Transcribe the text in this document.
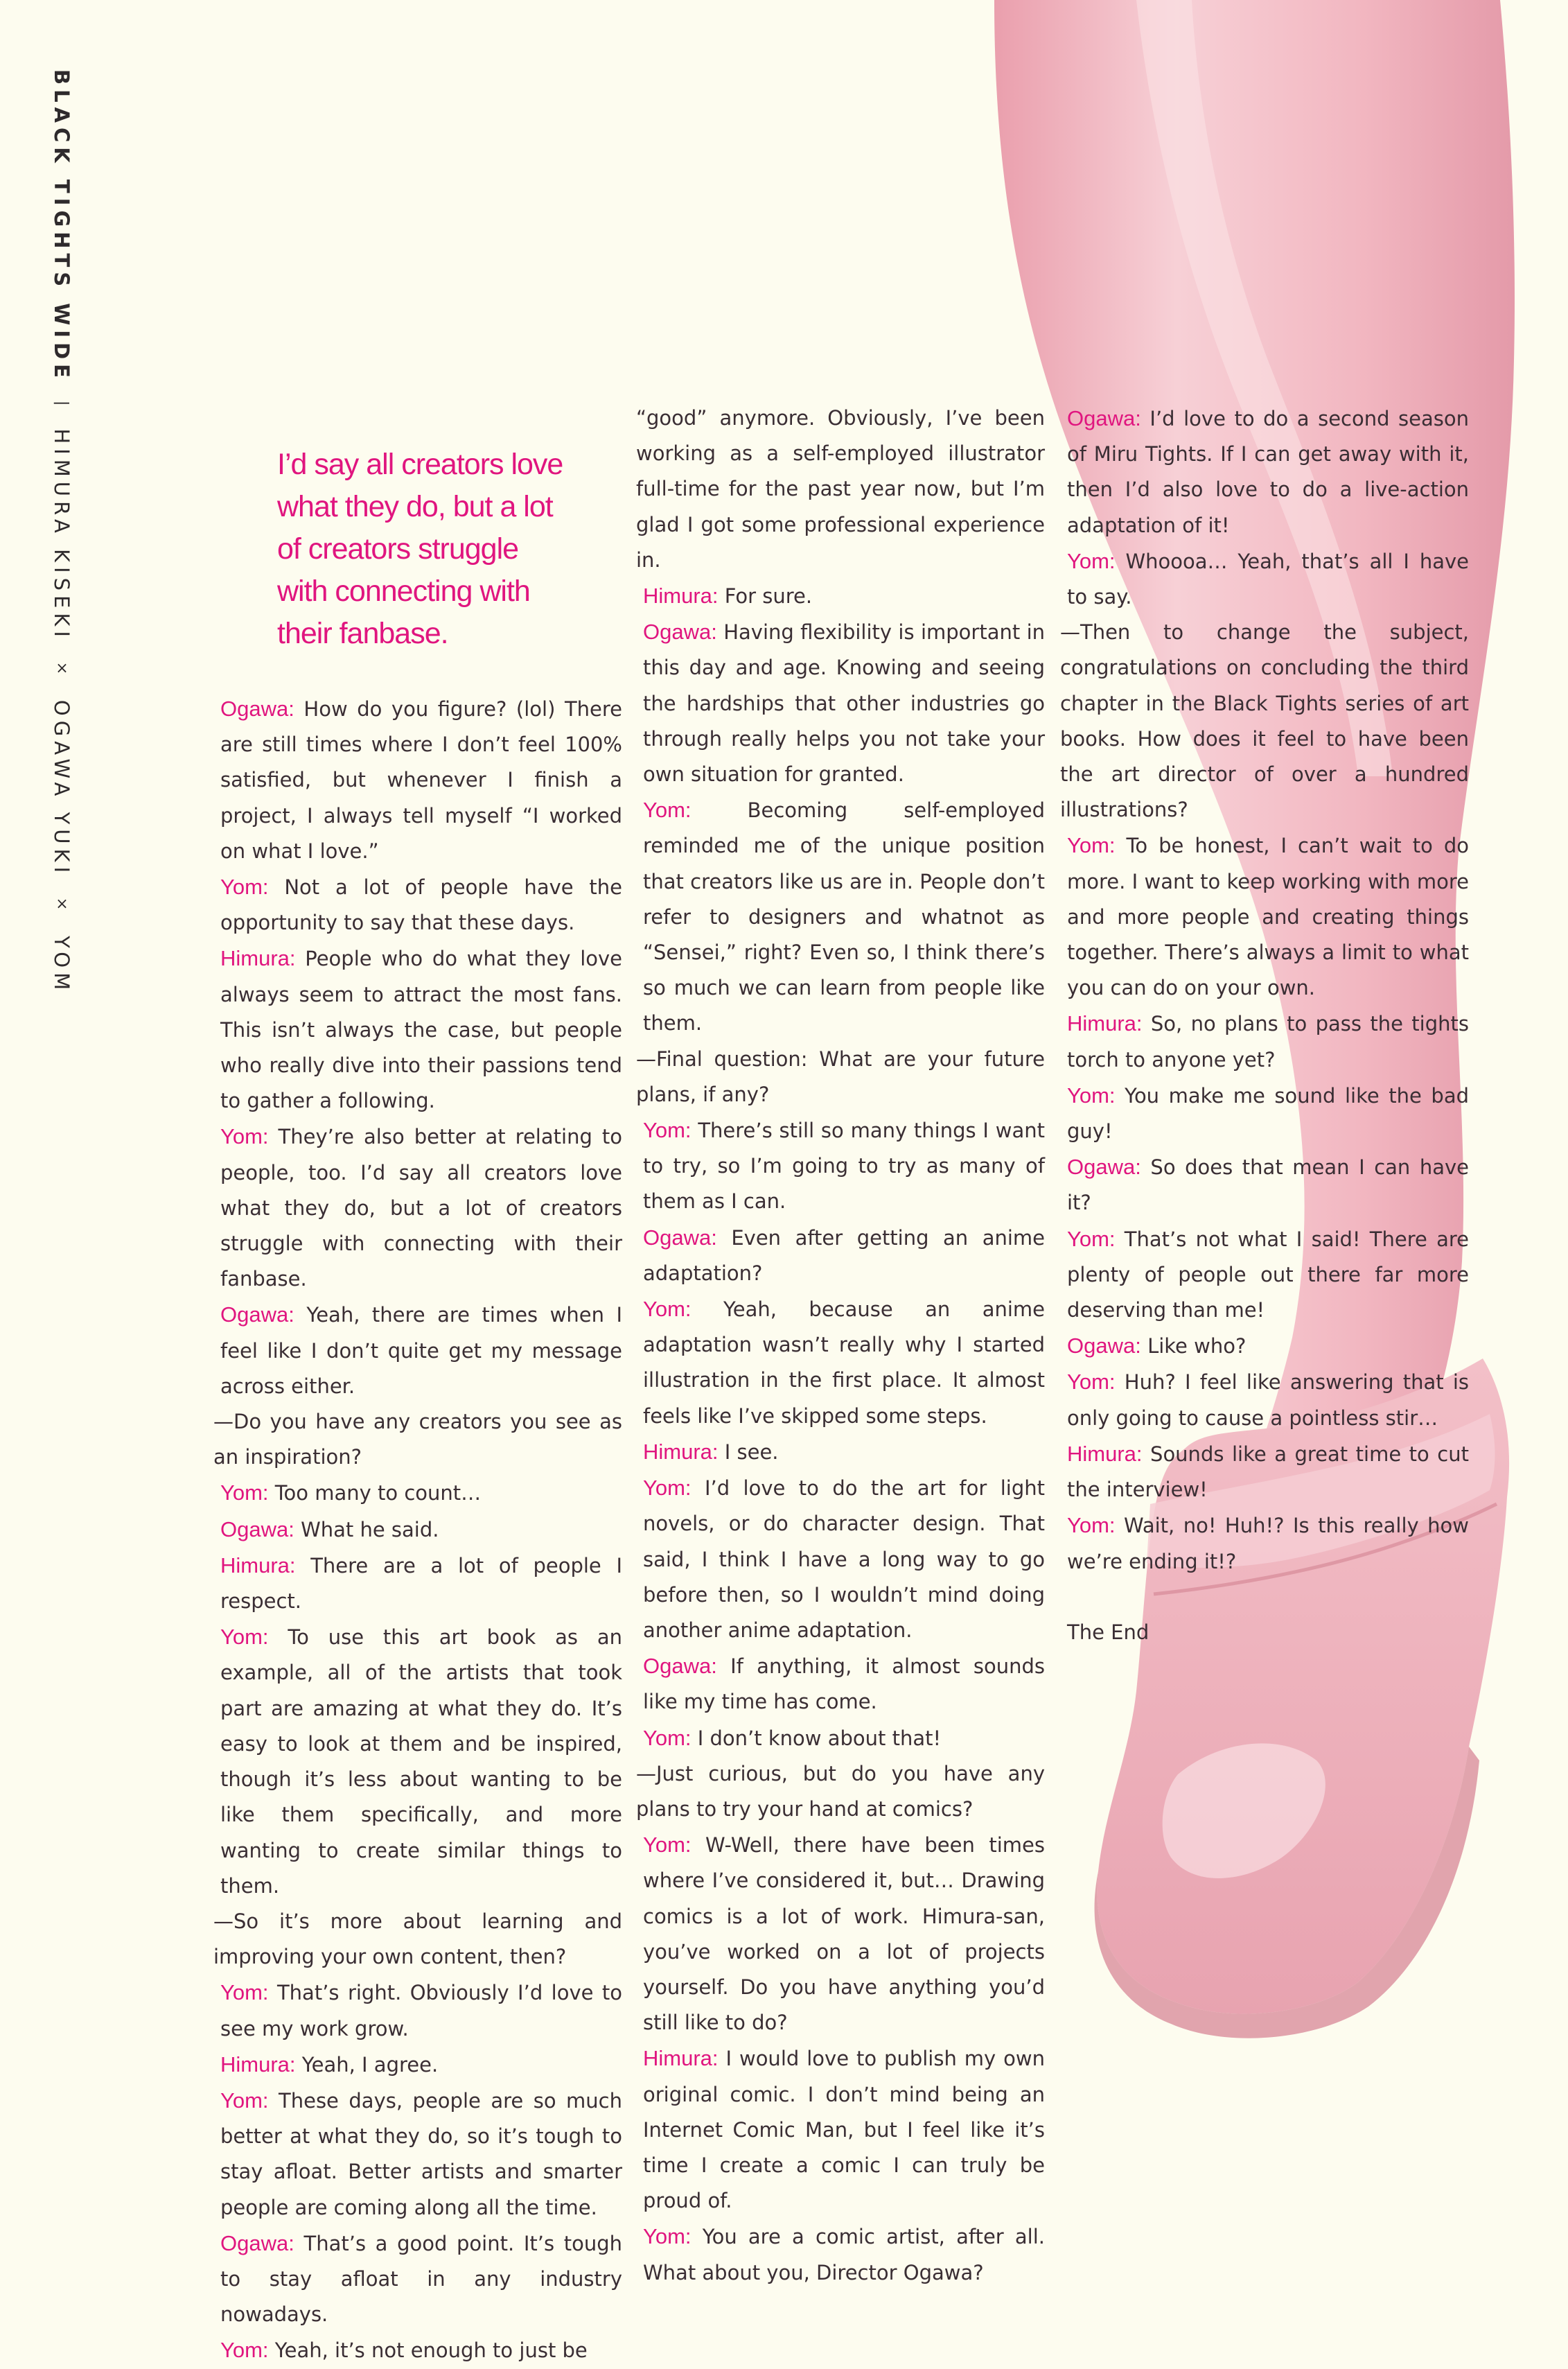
BLACK TIGHTS WIDE|HIMURA KISEKI×OGAWA YUKI×YOM
I’d say all creators love what they do, but a lot of creators struggle with connecting with their fanbase.

Ogawa: How do you figure? (lol) There are still times where I don’t feel 100% satisfied, but whenever I finish a project, I always tell myself “I worked on what I love.”

Yom: Not a lot of people have the opportunity to say that these days.

Himura: People who do what they love always seem to attract the most fans. This isn’t always the case, but people who really dive into their passions tend to gather a following.

Yom: They’re also better at relating to people, too. I’d say all creators love what they do, but a lot of creators struggle with connecting with their fanbase.

Ogawa: Yeah, there are times when I feel like I don’t quite get my message across either.

—Do you have any creators you see as an inspiration?

Yom: Too many to count…

Ogawa: What he said.

Himura: There are a lot of people I respect.

Yom: To use this art book as an example, all of the artists that took part are amazing at what they do. It’s easy to look at them and be inspired, though it’s less about wanting to be like them specifically, and more wanting to create similar things to them.

—So it’s more about learning and improving your own content, then?

Yom: That’s right. Obviously I’d love to see my work grow.

Himura: Yeah, I agree.

Yom: These days, people are so much better at what they do, so it’s tough to stay afloat. Better artists and smarter people are coming along all the time.

Ogawa: That’s a good point. It’s tough to stay afloat in any industry nowadays.

Yom: Yeah, it’s not enough to just be

“good” anymore. Obviously, I’ve been working as a self-employed illustrator full-time for the past year now, but I’m glad I got some professional experience in.

Himura: For sure.

Ogawa: Having flexibility is important in this day and age. Knowing and seeing the hardships that other industries go through really helps you not take your own situation for granted.

Yom:	Becoming self-employed reminded me of the unique position that creators like us are in. People don’t refer to designers and whatnot as “Sensei,” right? Even so, I think there’s so much we can learn from people like them.

—Final question: What are your future plans, if any?

Yom: There’s still so many things I want to try, so I’m going to try as many of them as I can.

Ogawa: Even after getting an anime adaptation?

Yom: Yeah, because an anime adaptation wasn’t really why I started illustration in the first place. It almost feels like I’ve skipped some steps.

Himura: I see.

Yom: I’d love to do the art for light novels, or do character design. That said, I think I have a long way to go before then, so I wouldn’t mind doing another anime adaptation.

Ogawa: If anything, it almost sounds like my time has come.

Yom: I don’t know about that!

—Just curious, but do you have any plans to try your hand at comics?

Yom: W-Well, there have been times where I’ve considered it, but… Drawing comics is a lot of work. Himura-san, you’ve worked on a lot of projects yourself. Do you have anything you’d still like to do?

Himura: I would love to publish my own original comic. I don’t mind being an Internet Comic Man, but I feel like it’s time I create a comic I can truly be proud of.

Yom: You are a comic artist, after all. What about you, Director Ogawa?

Ogawa: I’d love to do a second season of Miru Tights. If I can get away with it, then I’d also love to do a live-action adaptation of it!

Yom: Whoooa… Yeah, that’s all I have to say.

—Then to change the subject, congratulations on concluding the third chapter in the Black Tights series of art books. How does it feel to have been the art director of over a hundred illustrations?

Yom: To be honest, I can’t wait to do more. I want to keep working with more and more people and creating things together. There’s always a limit to what you can do on your own.

Himura: So, no plans to pass the tights torch to anyone yet?

Yom: You make me sound like the bad guy!

Ogawa: So does that mean I can have it?

Yom: That’s not what I said! There are plenty of people out there far more deserving than me!

Ogawa: Like who?

Yom: Huh? I feel like answering that is only going to cause a pointless stir…

Himura: Sounds like a great time to cut the interview!

Yom: Wait, no! Huh!? Is this really how we’re ending it!?

The End
